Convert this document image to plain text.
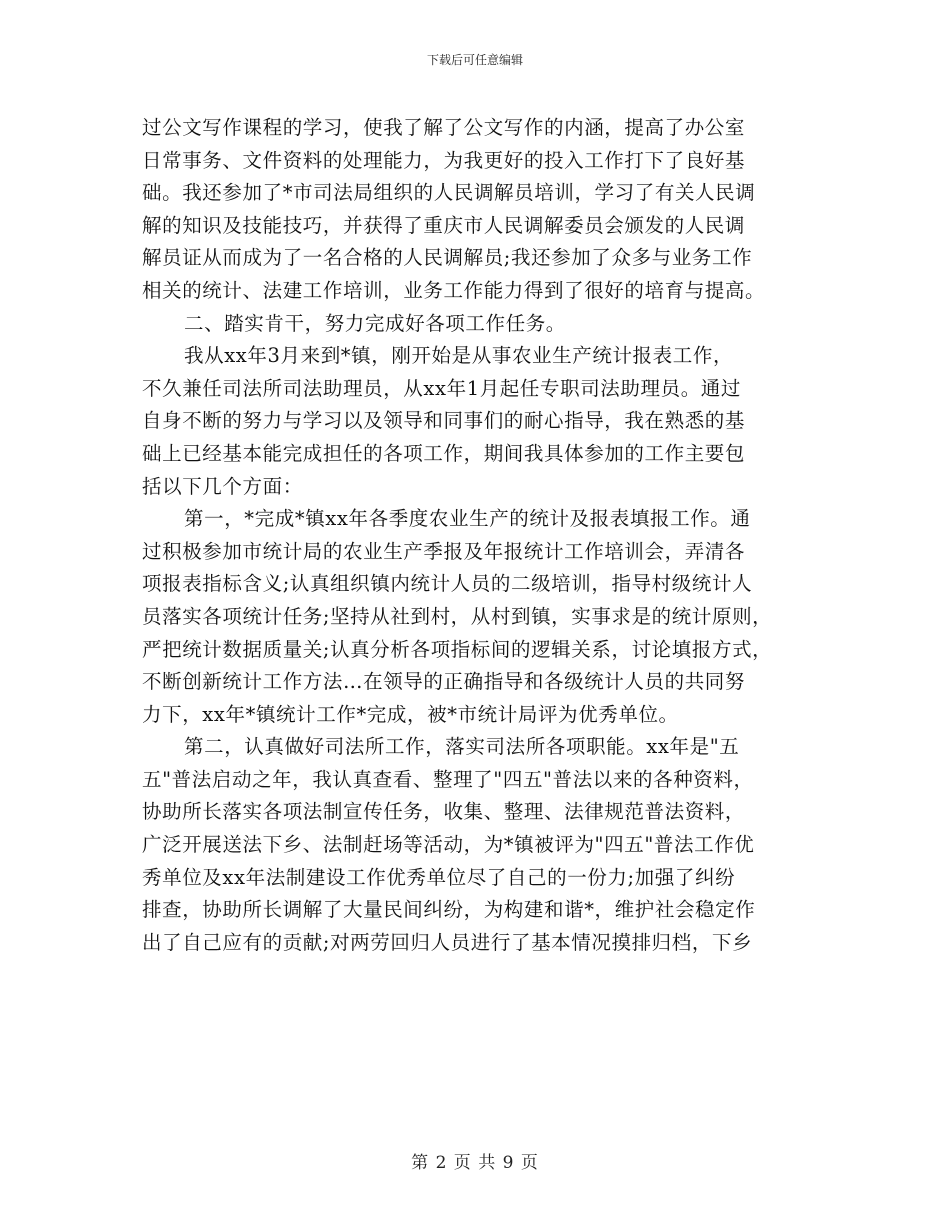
下载后可任意编辑
过公文写作课程的学习，使我了解了公文写作的内涵，提高了办公室
日常事务、文件资料的处理能力，为我更好的投入工作打下了良好基
础。我还参加了*市司法局组织的人民调解员培训，学习了有关人民调
解的知识及技能技巧，并获得了重庆市人民调解委员会颁发的人民调
解员证从而成为了一名合格的人民调解员;我还参加了众多与业务工作
相关的统计、法建工作培训，业务工作能力得到了很好的培育与提高。
二、踏实肯干，努力完成好各项工作任务。
我从xx年3月来到*镇，刚开始是从事农业生产统计报表工作，
不久兼任司法所司法助理员，从xx年1月起任专职司法助理员。通过
自身不断的努力与学习以及领导和同事们的耐心指导，我在熟悉的基
础上已经基本能完成担任的各项工作，期间我具体参加的工作主要包
括以下几个方面：
第一，*完成*镇xx年各季度农业生产的统计及报表填报工作。通
过积极参加市统计局的农业生产季报及年报统计工作培训会，弄清各
项报表指标含义;认真组织镇内统计人员的二级培训，指导村级统计人
员落实各项统计任务;坚持从社到村，从村到镇，实事求是的统计原则，
严把统计数据质量关;认真分析各项指标间的逻辑关系，讨论填报方式，
不断创新统计工作方法…在领导的正确指导和各级统计人员的共同努
力下，xx年*镇统计工作*完成，被*市统计局评为优秀单位。
第二，认真做好司法所工作，落实司法所各项职能。xx年是"五
五"普法启动之年，我认真查看、整理了"四五"普法以来的各种资料，
协助所长落实各项法制宣传任务，收集、整理、法律规范普法资料，
广泛开展送法下乡、法制赶场等活动，为*镇被评为"四五"普法工作优
秀单位及xx年法制建设工作优秀单位尽了自己的一份力;加强了纠纷
排查，协助所长调解了大量民间纠纷，为构建和谐*，维护社会稳定作
出了自己应有的贡献;对两劳回归人员进行了基本情况摸排归档，下乡
第 2 页 共 9 页
